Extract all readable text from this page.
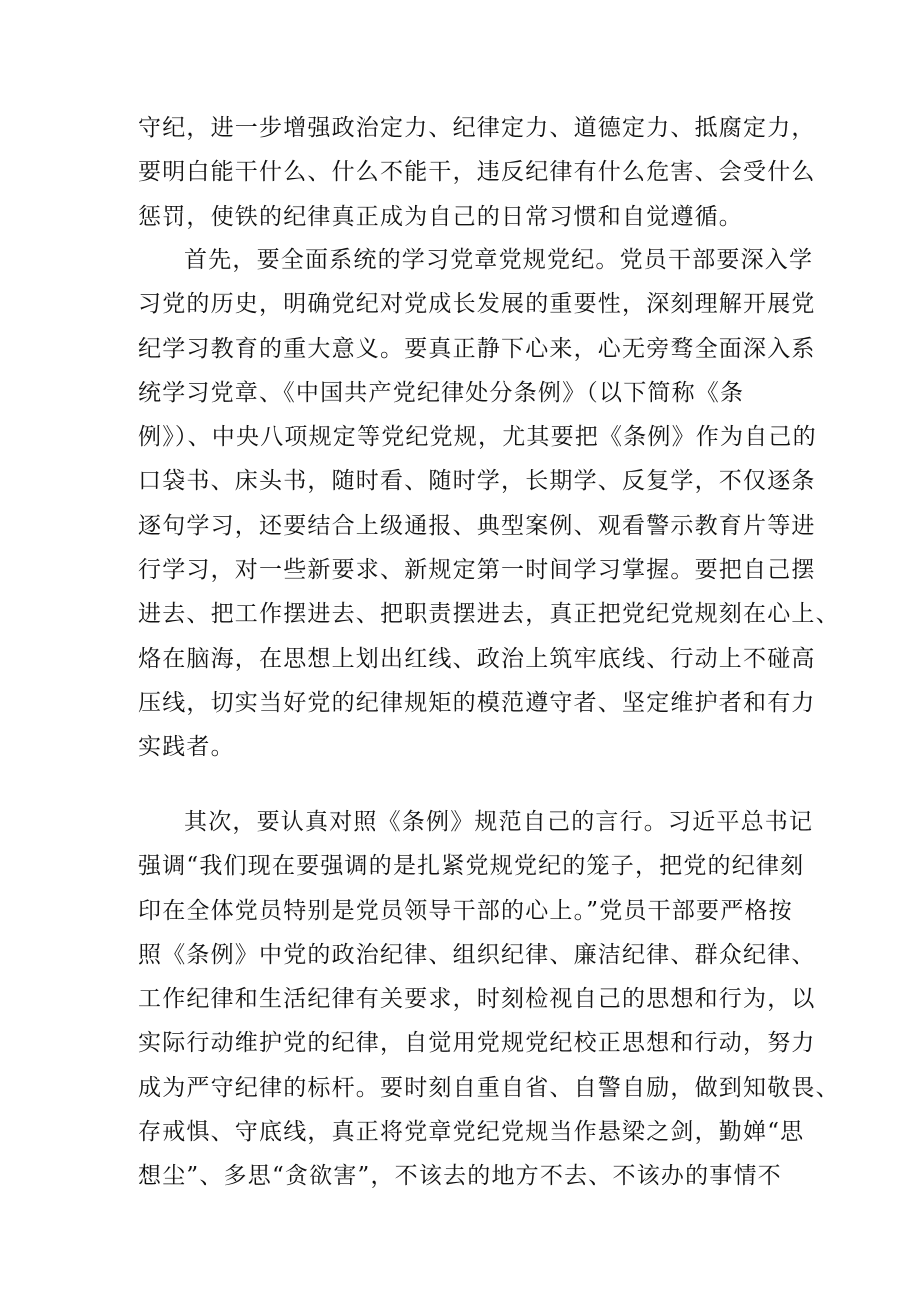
守纪，进一步增强政治定力、纪律定力、道德定力、抵腐定力，
要明白能干什么、什么不能干，违反纪律有什么危害、会受什么
惩罚，使铁的纪律真正成为自己的日常习惯和自觉遵循。

首先，要全面系统的学习党章党规党纪。党员干部要深入学
习党的历史，明确党纪对党成长发展的重要性，深刻理解开展党
纪学习教育的重大意义。要真正静下心来，心无旁骛全面深入系
统学习党章、《中国共产党纪律处分条例》（以下简称《条
例》）、中央八项规定等党纪党规，尤其要把《条例》作为自己的
口袋书、床头书，随时看、随时学，长期学、反复学，不仅逐条
逐句学习，还要结合上级通报、典型案例、观看警示教育片等进
行学习，对一些新要求、新规定第一时间学习掌握。要把自己摆
进去、把工作摆进去、把职责摆进去，真正把党纪党规刻在心上、
烙在脑海，在思想上划出红线、政治上筑牢底线、行动上不碰高
压线，切实当好党的纪律规矩的模范遵守者、坚定维护者和有力
实践者。

其次，要认真对照《条例》规范自己的言行。习近平总书记
强调“我们现在要强调的是扎紧党规党纪的笼子，把党的纪律刻
印在全体党员特别是党员领导干部的心上。”党员干部要严格按
照《条例》中党的政治纪律、组织纪律、廉洁纪律、群众纪律、
工作纪律和生活纪律有关要求，时刻检视自己的思想和行为，以
实际行动维护党的纪律，自觉用党规党纪校正思想和行动，努力
成为严守纪律的标杆。要时刻自重自省、自警自励，做到知敬畏、
存戒惧、守底线，真正将党章党纪党规当作悬梁之剑，勤婵“思
想尘”、多思“贪欲害”，不该去的地方不去、不该办的事情不
